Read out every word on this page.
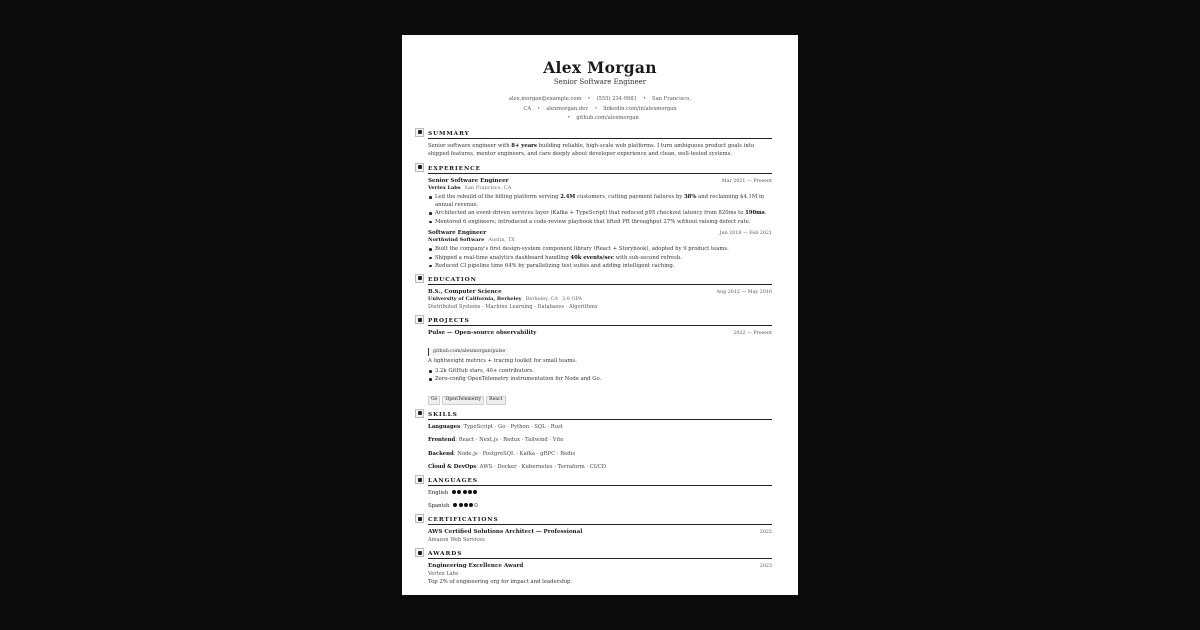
Alex Morgan
Senior Software Engineer
alex.morgan@example.com • (555) 234-9981 • San Francisco, CA • alexmorgan.dev • linkedin.com/in/alexmorgan
• github.com/alexmorgan
SUMMARY
Senior software engineer with 8+ years building reliable, high-scale web platforms. I turn ambiguous product goals into shipped features, mentor engineers, and care deeply about developer experience and clean, well-tested systems.
EXPERIENCE
Senior Software Engineer	Mar 2021 — Present
Vertex Labs San Francisco, CA
Led the rebuild of the billing platform serving 2.4M customers, cutting payment failures by 38% and reclaiming $4.1M in annual revenue.
Architected an event-driven services layer (Kafka + TypeScript) that reduced p95 checkout latency from 820ms to 190ms.
Mentored 6 engineers; introduced a code-review playbook that lifted PR throughput 27% without raising defect rate.
Software Engineer	Jun 2018 — Feb 2021
Northwind Software Austin, TX
Built the company's first design-system component library (React + Storybook), adopted by 9 product teams.
Shipped a real-time analytics dashboard handling 40k events/sec with sub-second refresh.
Reduced CI pipeline time 64% by parallelizing test suites and adding intelligent caching.
EDUCATION
B.S., Computer Science	Aug 2012 — May 2016
University of California, Berkeley Berkeley, CA 3.8 GPA
Distributed Systems · Machine Learning · Databases · Algorithms
PROJECTS
Pulse — Open-source observability	2022 — Present
github.com/alexmorgan/pulse
A lightweight metrics + tracing toolkit for small teams.
3.2k GitHub stars, 40+ contributors.
Zero-config OpenTelemetry instrumentation for Node and Go.
Go OpenTelemetry React
SKILLS
Languages: TypeScript · Go · Python · SQL · Rust
Frontend: React · Next.js · Redux · Tailwind · Vite
Backend: Node.js · PostgreSQL · Kafka · gRPC · Redis
Cloud & DevOps: AWS · Docker · Kubernetes · Terraform · CI/CD
LANGUAGES
English
Spanish
CERTIFICATIONS
AWS Certified Solutions Architect — Professional	2022
Amazon Web Services
AWARDS
Engineering Excellence Award	2023
Vertex Labs
Top 2% of engineering org for impact and leadership.
